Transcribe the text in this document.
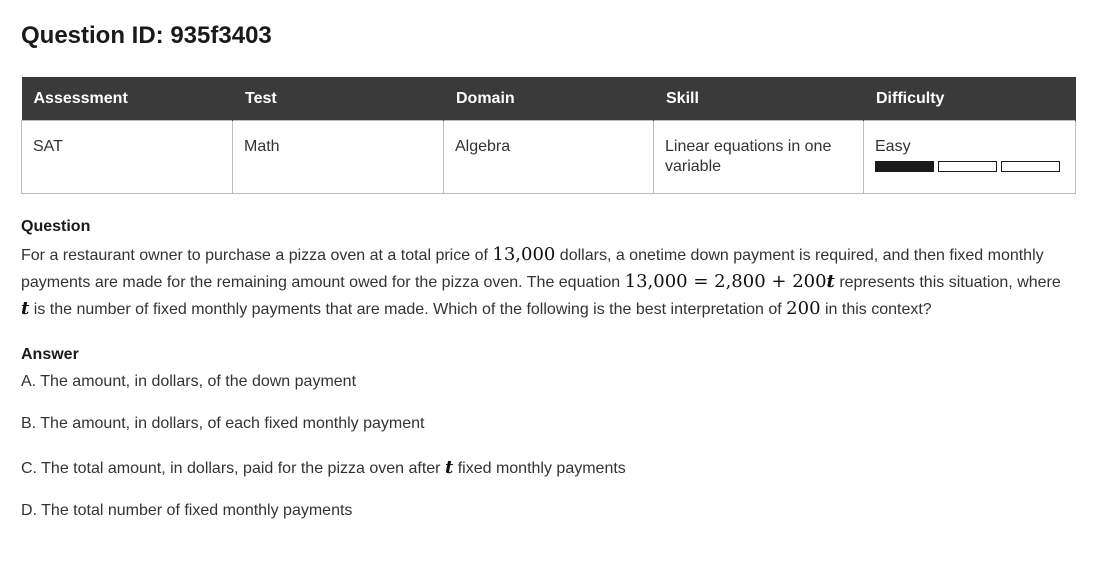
Question ID: 935f3403
Assessment	Test	Domain	Skill	Difficulty
SAT	Math	Algebra	Linear equations in one variable	Easy
Question
For a restaurant owner to purchase a pizza oven at a total price of 13,000 dollars, a onetime down payment is required, and then fixed monthly payments are made for the remaining amount owed for the pizza oven. The equation 13,000 = 2,800 + 200t represents this situation, where t is the number of fixed monthly payments that are made. Which of the following is the best interpretation of 200 in this context?
Answer
A. The amount, in dollars, of the down payment
B. The amount, in dollars, of each fixed monthly payment
C. The total amount, in dollars, paid for the pizza oven after t fixed monthly payments
D. The total number of fixed monthly payments
